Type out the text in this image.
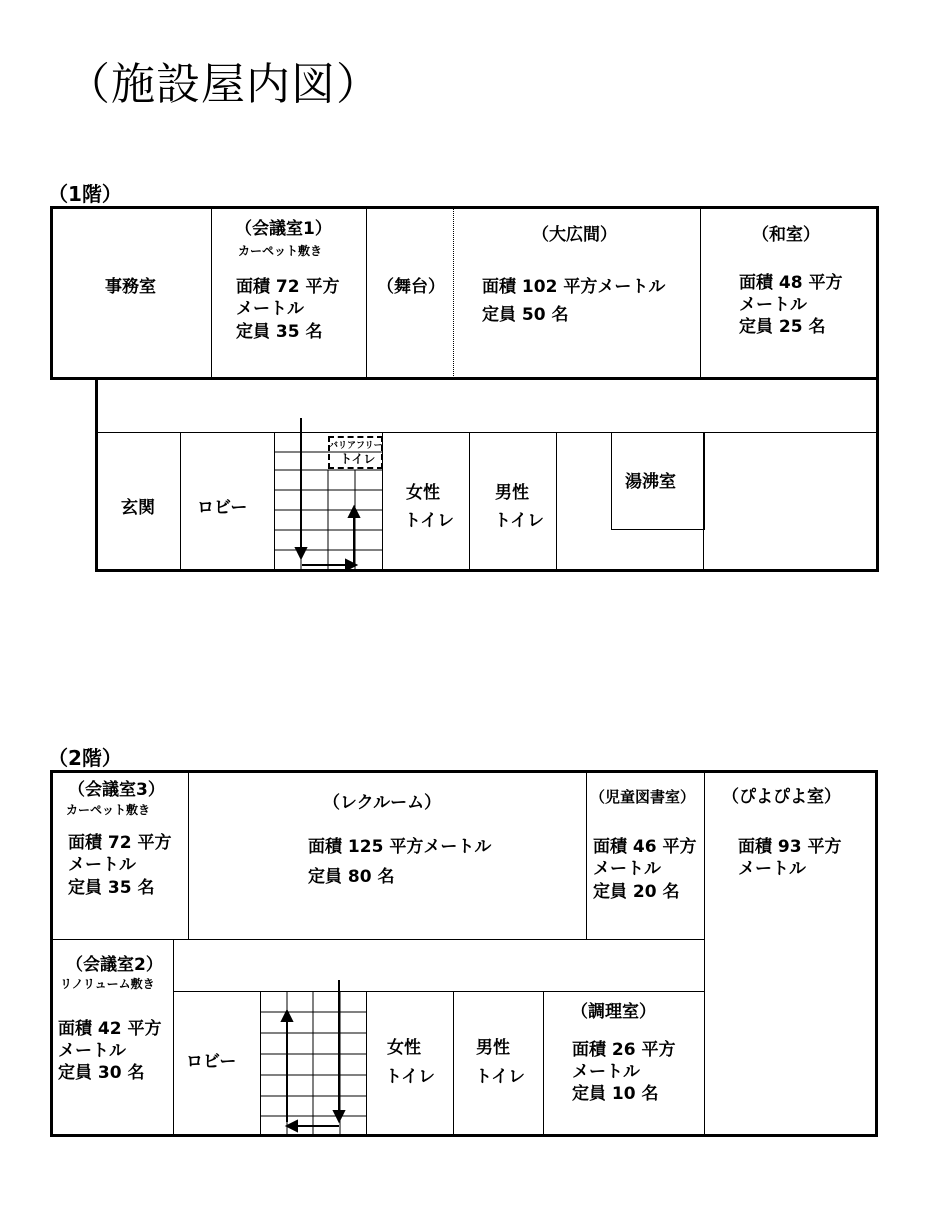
（施設屋内図）
（1階）
事務室
（会議室1）
カーペット敷き
面積 72 平方
メートル
定員 35 名
（舞台）
（大広間）
面積 102 平方メートル
定員 50 名
（和室）
面積 48 平方
メートル
定員 25 名
玄関 ロビー
バリアフリー
トイレ
女性
トイレ
男性
トイレ
湯沸室
（2階）
（会議室3）
カーペット敷き
面積 72 平方
メートル
定員 35 名
（レクルーム）
面積 125 平方メートル
定員 80 名
（児童図書室）
面積 46 平方
メートル
定員 20 名
（ぴよぴよ室）
面積 93 平方
メートル
（会議室2）
リノリューム敷き
面積 42 平方
メートル
定員 30 名
ロビー
女性
トイレ
男性
トイレ
（調理室）
面積 26 平方
メートル
定員 10 名
